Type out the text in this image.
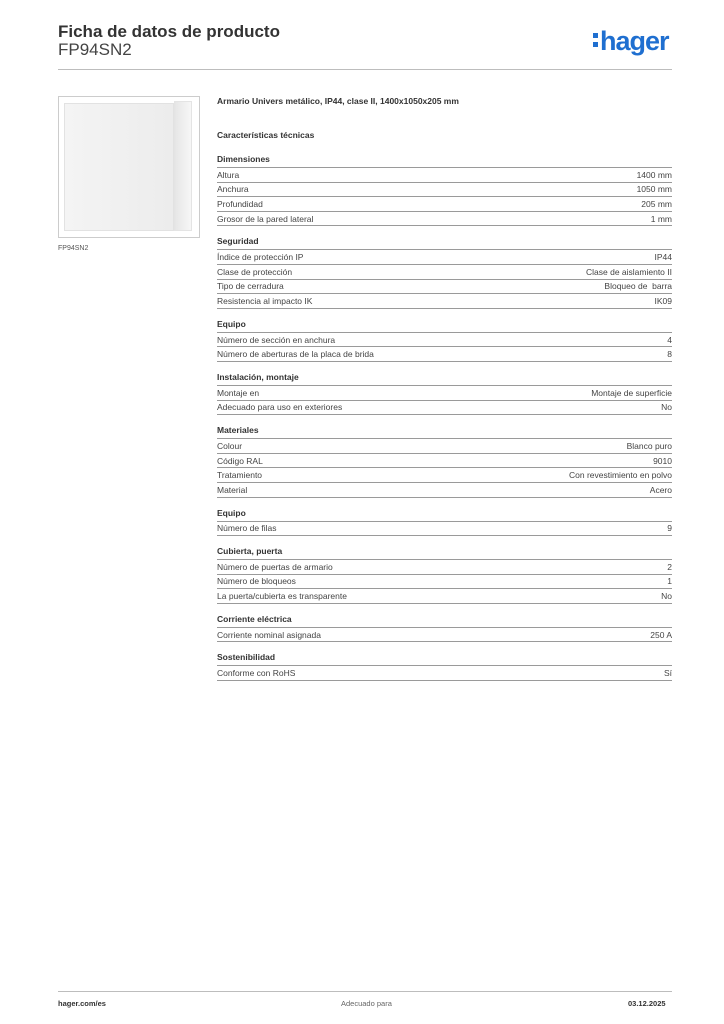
Ficha de datos de producto
FP94SN2	hager
FP94SN2
Armario Univers metálico, IP44, clase II, 1400x1050x205 mm
Características técnicas
Dimensiones
Altura	1400 mm
Anchura	1050 mm
Profundidad	205 mm
Grosor de la pared lateral	1 mm
Seguridad
Índice de protección IP	IP44
Clase de protección	Clase de aislamiento II
Tipo de cerradura	Bloqueo de  barra
Resistencia al impacto IK	IK09
Equipo
Número de sección en anchura	4
Número de aberturas de la placa de brida	8
Instalación, montaje
Montaje en	Montaje de superficie
Adecuado para uso en exteriores	No
Materiales
Colour	Blanco puro
Código RAL	9010
Tratamiento	Con revestimiento en polvo
Material	Acero
Equipo
Número de filas	9
Cubierta, puerta
Número de puertas de armario	2
Número de bloqueos	1
La puerta/cubierta es transparente	No
Corriente eléctrica
Corriente nominal asignada	250 A
Sostenibilidad
Conforme con RoHS	Sí
hager.com/es	Adecuado para	03.12.2025
